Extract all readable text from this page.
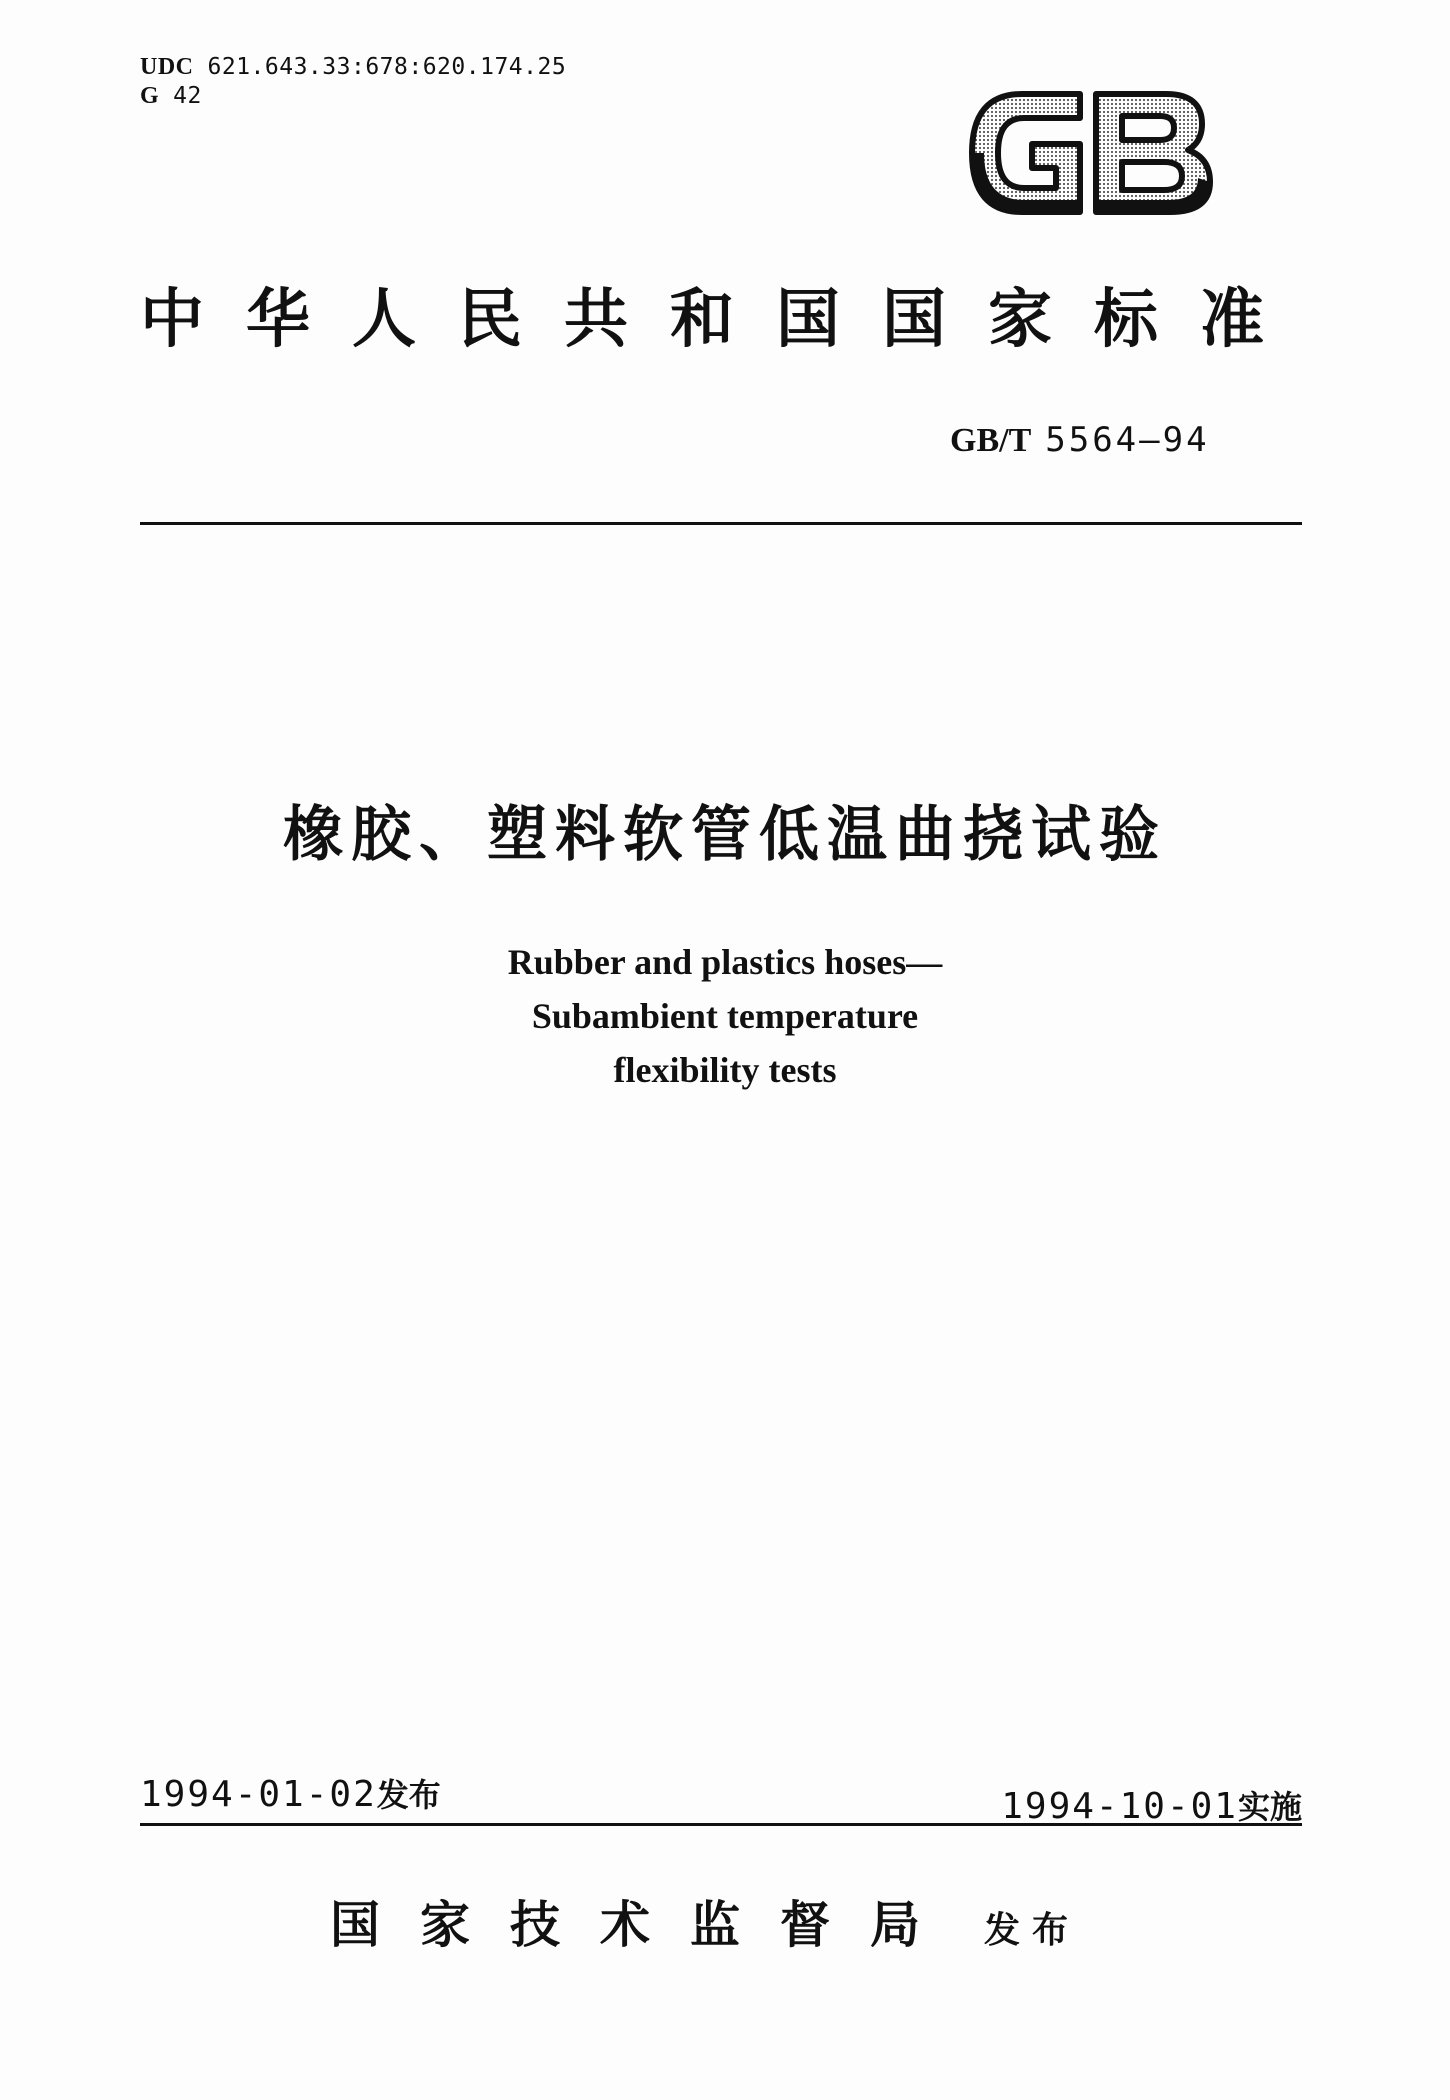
UDC 621.643.33:678:620.174.25
G 42
中华人民共和国国家标准
GB/T 5564—94
橡胶、塑料软管低温曲挠试验
Rubber and plastics hoses—
Subambient temperature
flexibility tests
1994-01-02发布	1994-10-01实施
国家技术监督局 发布
